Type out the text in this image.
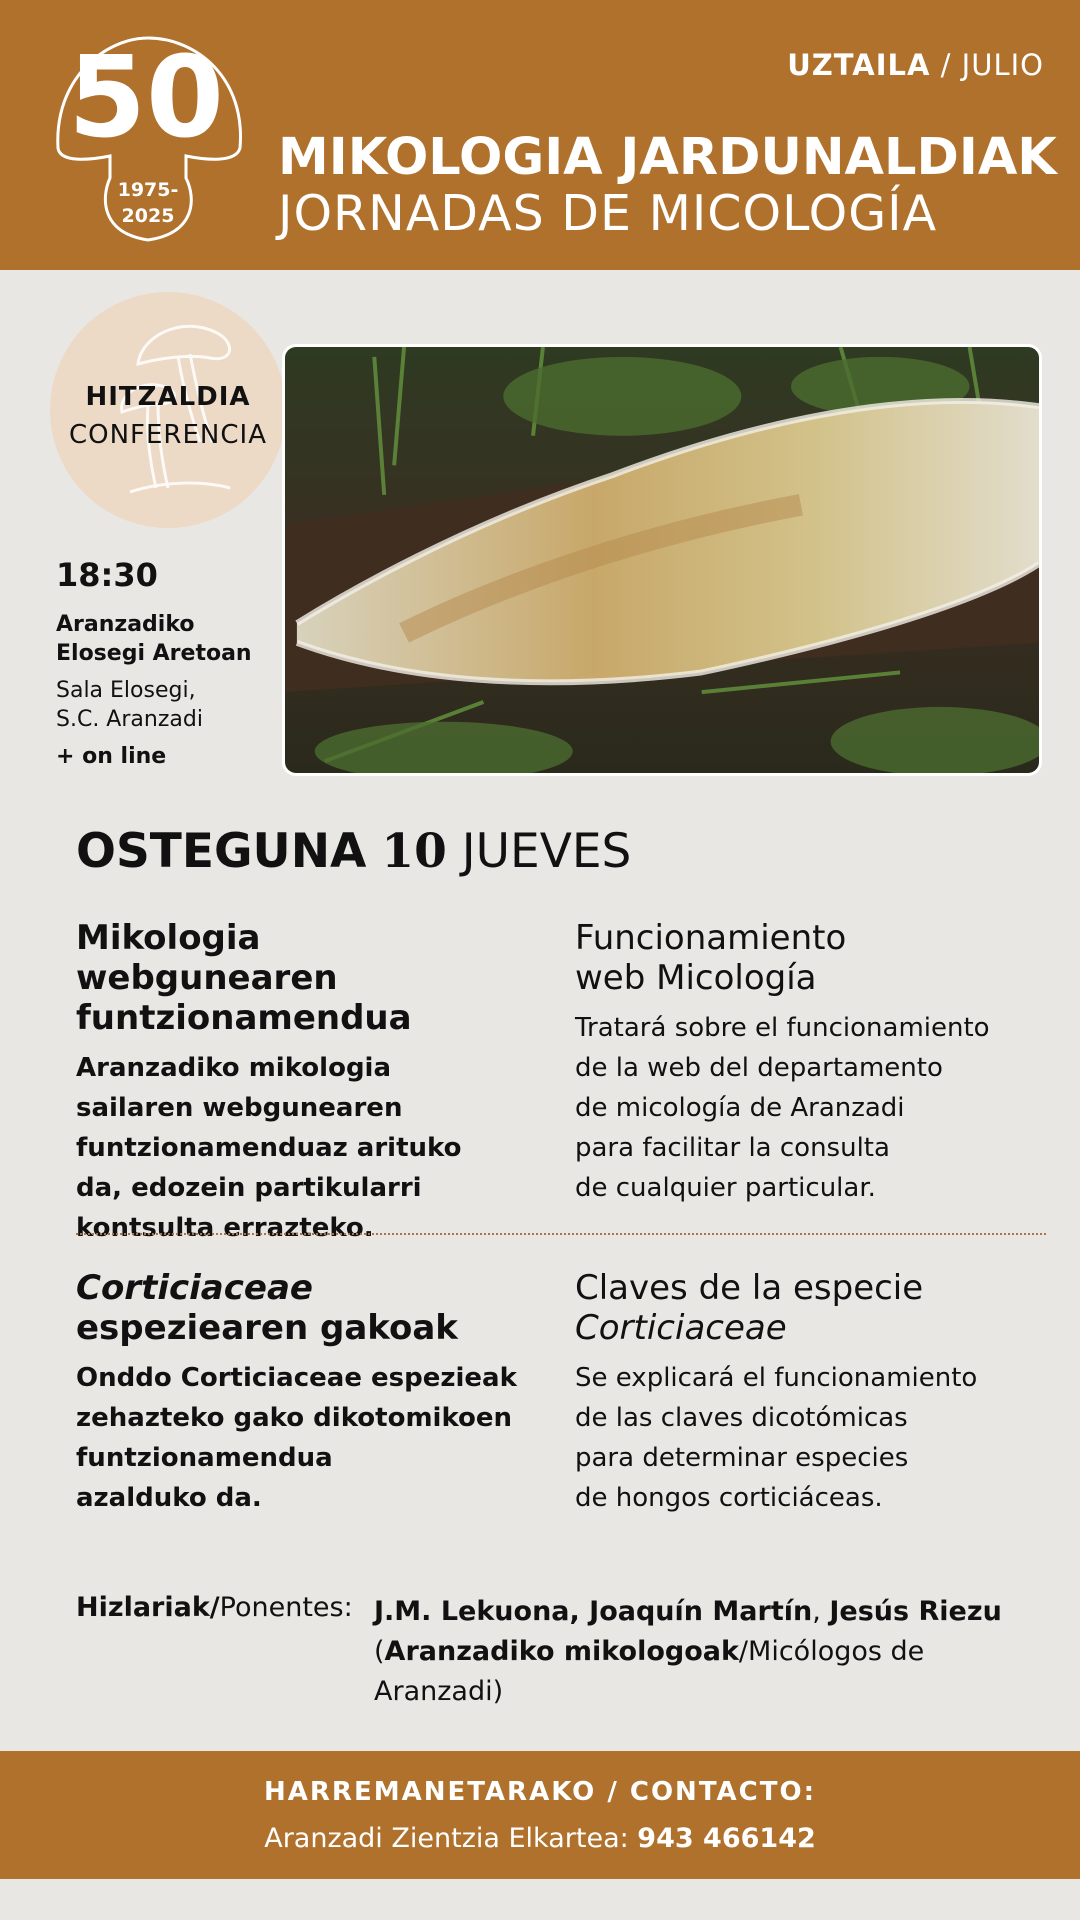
50
1975-
2025
UZTAILA / JULIO
MIKOLOGIA JARDUNALDIAK
JORNADAS DE MICOLOGÍA
HITZALDIA
CONFERENCIA
18:30
Aranzadiko
Elosegi Aretoan
Sala Elosegi,
S.C. Aranzadi
+ on line
OSTEGUNA 10 JUEVES
Mikologia webgunearen
funtzionamendua
Aranzadiko mikologia
sailaren webgunearen
funtzionamenduaz arituko
da, edozein partikularri
kontsulta errazteko.
Funcionamiento
web Micología
Tratará sobre el funcionamiento
de la web del departamento
de micología de Aranzadi
para facilitar la consulta
de cualquier particular.
Corticiaceae
espeziearen gakoak
Onddo Corticiaceae espezieak
zehazteko gako dikotomikoen
funtzionamendua
azalduko da.
Claves de la especie
Corticiaceae
Se explicará el funcionamiento
de las claves dicotómicas
para determinar especies
de hongos corticiáceas.
Hizlariak/Ponentes: J.M. Lekuona, Joaquín Martín, Jesús Riezu
(Aranzadiko mikologoak/Micólogos de Aranzadi)
HARREMANETARAKO / CONTACTO:
Aranzadi Zientzia Elkartea: 943 466142
